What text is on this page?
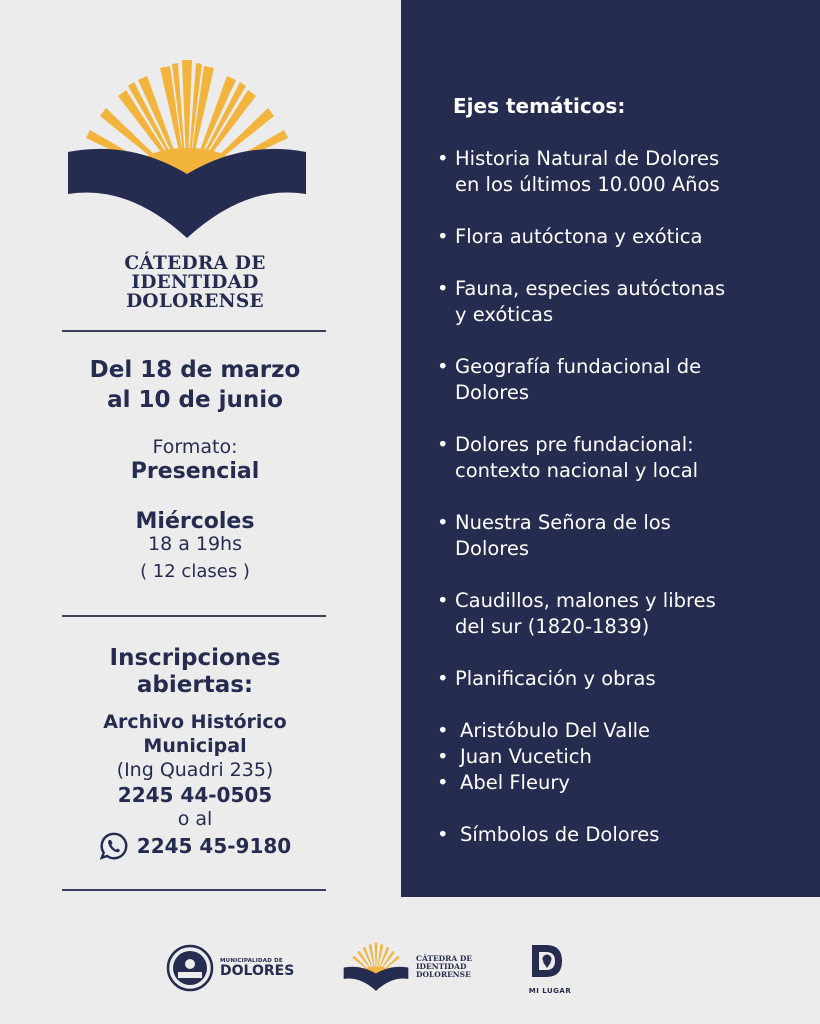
CÁTEDRA DE
IDENTIDAD
DOLORENSE
Del 18 de marzo
al 10 de junio
Formato:
Presencial
Miércoles
18 a 19hs
( 12 clases )
Inscripciones
abiertas:
Archivo Histórico
Municipal
(Ing Quadri 235)
2245 44-0505
o al
2245 45-9180
Ejes temáticos:
• Historia Natural de Dolores
en los últimos 10.000 Años
• Flora autóctona y exótica
• Fauna, especies autóctonas
y exóticas
• Geografía fundacional de
Dolores
• Dolores pre fundacional:
contexto nacional y local
• Nuestra Señora de los
Dolores
• Caudillos, malones y libres
del sur (1820-1839)
• Planificación y obras
• Aristóbulo Del Valle
• Juan Vucetich
• Abel Fleury
• Símbolos de Dolores
MUNICIPALIDAD DE
DOLORES
CÁTEDRA DE
IDENTIDAD
DOLORENSE
MI LUGAR
